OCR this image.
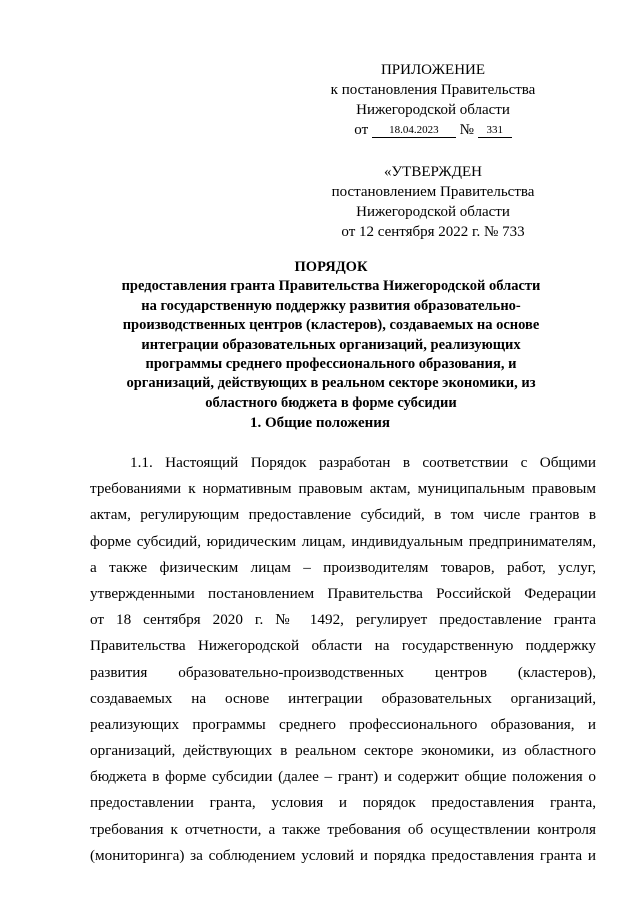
ПРИЛОЖЕНИЕ
к постановления Правительства
Нижегородской области
от 18.04.2023 № 331
«УТВЕРЖДЕН
постановлением Правительства
Нижегородской области
от 12 сентября 2022 г. № 733
ПОРЯДОК
предоставления гранта Правительства Нижегородской области
на государственную поддержку развития образовательно-
производственных центров (кластеров), создаваемых на основе
интеграции образовательных организаций, реализующих
программы среднего профессионального образования, и
организаций, действующих в реальном секторе экономики, из
областного бюджета в форме субсидии
1. Общие положения
1.1. Настоящий Порядок разработан в соответствии с Общими
требованиями к нормативным правовым актам, муниципальным правовым
актам, регулирующим предоставление субсидий, в том числе грантов в
форме субсидий, юридическим лицам, индивидуальным предпринимателям,
а также физическим лицам – производителям товаров, работ, услуг,
утвержденными постановлением Правительства Российской Федерации
от 18 сентября 2020 г. № 1492, регулирует предоставление гранта
Правительства Нижегородской области на государственную поддержку
развития образовательно-производственных центров (кластеров),
создаваемых на основе интеграции образовательных организаций,
реализующих программы среднего профессионального образования, и
организаций, действующих в реальном секторе экономики, из областного
бюджета в форме субсидии (далее – грант) и содержит общие положения о
предоставлении гранта, условия и порядок предоставления гранта,
требования к отчетности, а также требования об осуществлении контроля
(мониторинга) за соблюдением условий и порядка предоставления гранта и
